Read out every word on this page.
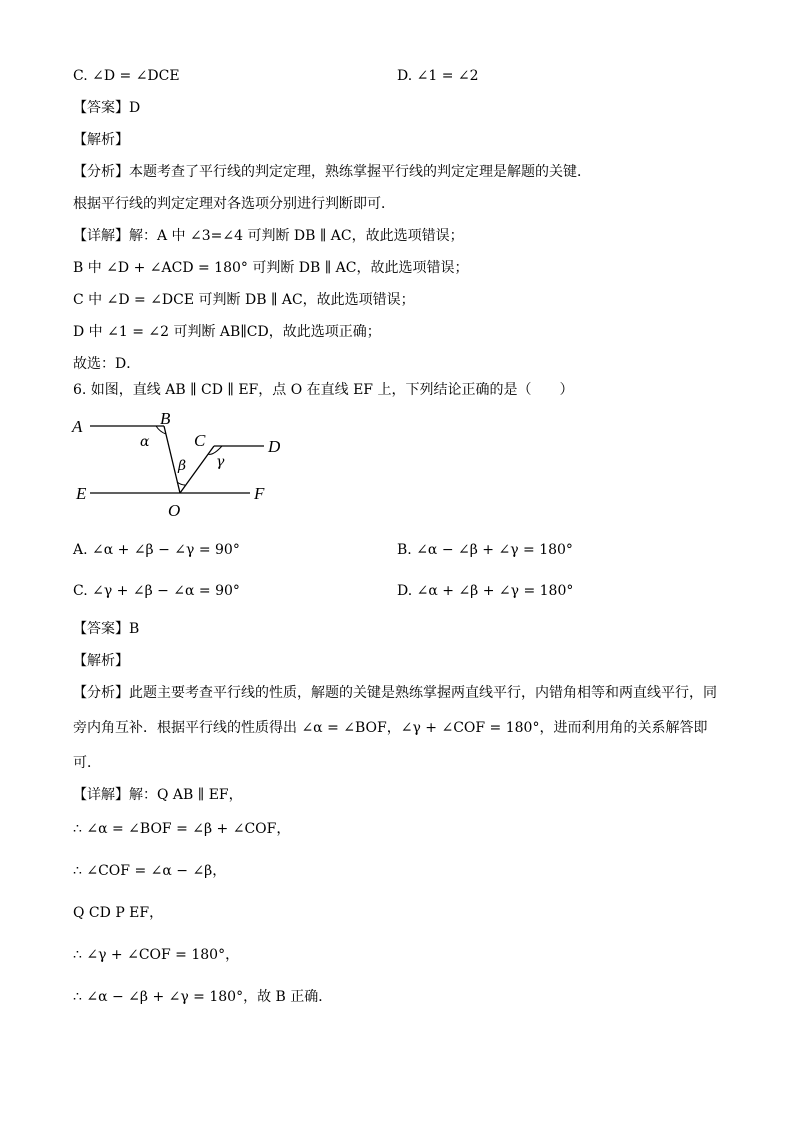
C. ∠D = ∠DCE	D. ∠1 = ∠2
【答案】D
【解析】
【分析】本题考查了平行线的判定定理，熟练掌握平行线的判定定理是解题的关键．
根据平行线的判定定理对各选项分别进行判断即可．
【详解】解：A 中 ∠3=∠4 可判断 DB ∥ AC，故此选项错误；
B 中 ∠D + ∠ACD = 180° 可判断 DB ∥ AC，故此选项错误；
C 中 ∠D = ∠DCE 可判断 DB ∥ AC，故此选项错误；
D 中 ∠1 = ∠2 可判断 AB∥CD，故此选项正确；
故选：D．
6. 如图，直线 AB ∥ CD ∥ EF，点 O 在直线 EF 上，下列结论正确的是（　　）
A	B
C	D
E	F
O
α
β γ
A. ∠α + ∠β − ∠γ = 90°	B. ∠α − ∠β + ∠γ = 180°
C. ∠γ + ∠β − ∠α = 90°	D. ∠α + ∠β + ∠γ = 180°
【答案】B
【解析】
【分析】此题主要考查平行线的性质，解题的关键是熟练掌握两直线平行，内错角相等和两直线平行，同
旁内角互补．根据平行线的性质得出 ∠α = ∠BOF，∠γ + ∠COF = 180°，进而利用角的关系解答即
可．
【详解】解：Q AB ∥ EF，
∴ ∠α = ∠BOF = ∠β + ∠COF，
∴ ∠COF = ∠α − ∠β，
Q CD P EF，
∴ ∠γ + ∠COF = 180°，
∴ ∠α − ∠β + ∠γ = 180°，故 B 正确．
